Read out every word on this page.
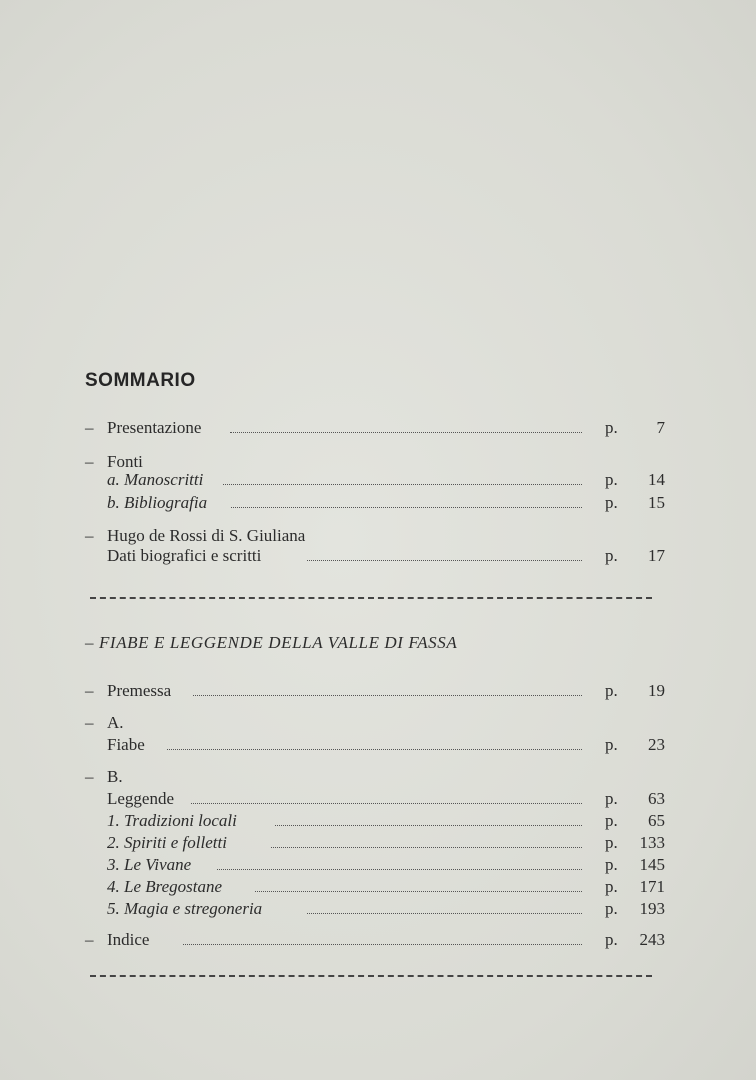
SOMMARIO
– Presentazione	p. 7
– Fonti
a. Manoscritti	p. 14
b. Bibliografia	p. 15
– Hugo de Rossi di S. Giuliana
Dati biografici e scritti	p. 17
– FIABE E LEGGENDE DELLA VALLE DI FASSA
– Premessa	p. 19
– A.
Fiabe	p. 23
– B.
Leggende	p. 63
1. Tradizioni locali	p. 65
2. Spiriti e folletti	p. 133
3. Le Vivane	p. 145
4. Le Bregostane	p. 171
5. Magia e stregoneria	p. 193
– Indice	p. 243
